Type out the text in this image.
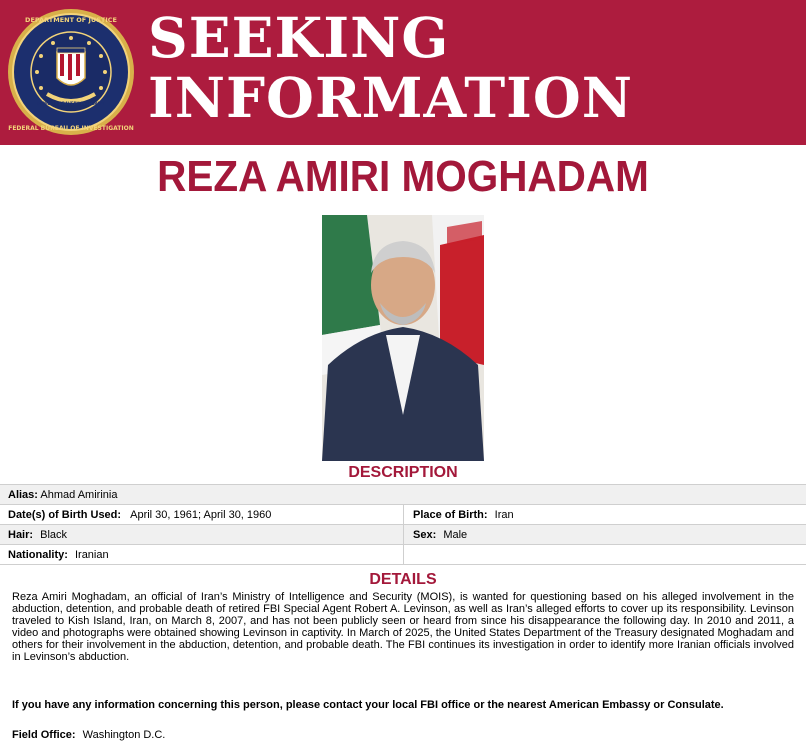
DEPARTMENT OF JUSTICE
FEDERAL BUREAU OF INVESTIGATION
FIDELITY BRAVERY INTEGRITY
SEEKING
INFORMATION
REZA AMIRI MOGHADAM
DESCRIPTION
Alias: Ahmad Amirinia
Date(s) of Birth Used: April 30, 1961; April 30, 1960	Place of Birth: Iran
Hair: Black	Sex: Male
Nationality: Iranian
DETAILS

Reza Amiri Moghadam, an official of Iran’s Ministry of Intelligence and Security (MOIS), is wanted for questioning based on his alleged involvement in the abduction, detention, and probable death of retired FBI Special Agent Robert A. Levinson, as well as Iran’s alleged efforts to cover up its responsibility. Levinson traveled to Kish Island, Iran, on March 8, 2007, and has not been publicly seen or heard from since his disappearance the following day. In 2010 and 2011, a video and photographs were obtained showing Levinson in captivity. In March of 2025, the United States Department of the Treasury designated Moghadam and others for their involvement in the abduction, detention, and probable death. The FBI continues its investigation in order to identify more Iranian officials involved in Levinson’s abduction.

If you have any information concerning this person, please contact your local FBI office or the nearest American Embassy or Consulate.

Field Office: Washington D.C.
